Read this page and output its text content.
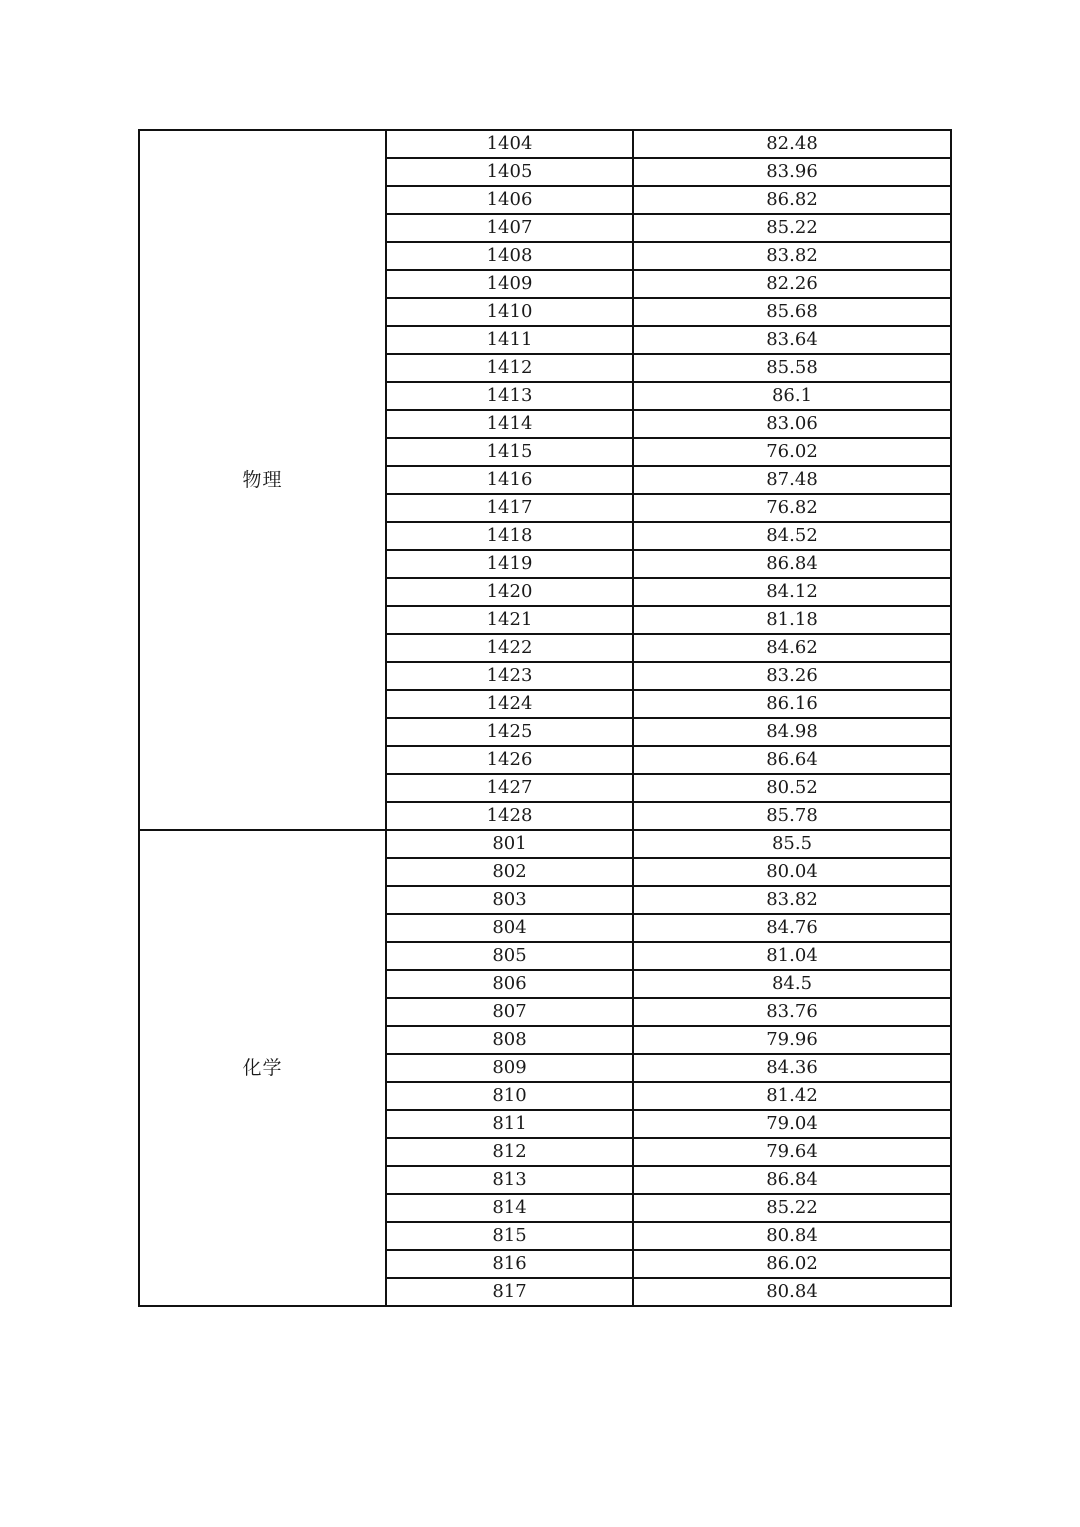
物理	1404	82.48
	1405	83.96
	1406	86.82
	1407	85.22
	1408	83.82
	1409	82.26
	1410	85.68
	1411	83.64
	1412	85.58
	1413	86.1
	1414	83.06
	1415	76.02
	1416	87.48
	1417	76.82
	1418	84.52
	1419	86.84
	1420	84.12
	1421	81.18
	1422	84.62
	1423	83.26
	1424	86.16
	1425	84.98
	1426	86.64
	1427	80.52
	1428	85.78
化学	801	85.5
	802	80.04
	803	83.82
	804	84.76
	805	81.04
	806	84.5
	807	83.76
	808	79.96
	809	84.36
	810	81.42
	811	79.04
	812	79.64
	813	86.84
	814	85.22
	815	80.84
	816	86.02
	817	80.84
